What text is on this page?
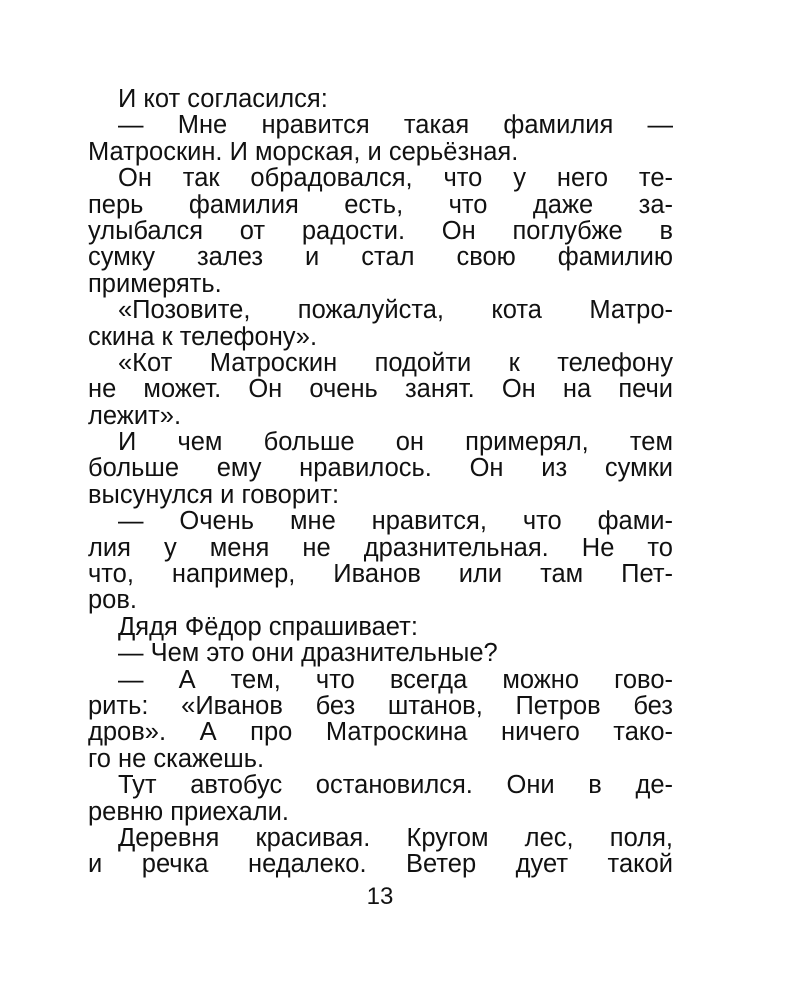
И кот согласился:
— Мне нравится такая фамилия —
Матроскин. И морская, и серьёзная.
Он так обрадовался, что у него те-
перь фамилия есть, что даже за-
улыбался от радости. Он поглубже в
сумку залез и стал свою фамилию
примерять.
«Позовите, пожалуйста, кота Матро-
скина к телефону».
«Кот Матроскин подойти к телефону
не может. Он очень занят. Он на печи
лежит».
И чем больше он примерял, тем
больше ему нравилось. Он из сумки
высунулся и говорит:
— Очень мне нравится, что фами-
лия у меня не дразнительная. Не то
что, например, Иванов или там Пет-
ров.
Дядя Фёдор спрашивает:
— Чем это они дразнительные?
— А тем, что всегда можно гово-
рить: «Иванов без штанов, Петров без
дров». А про Матроскина ничего тако-
го не скажешь.
Тут автобус остановился. Они в де-
ревню приехали.
Деревня красивая. Кругом лес, поля,
и речка недалеко. Ветер дует такой
13
